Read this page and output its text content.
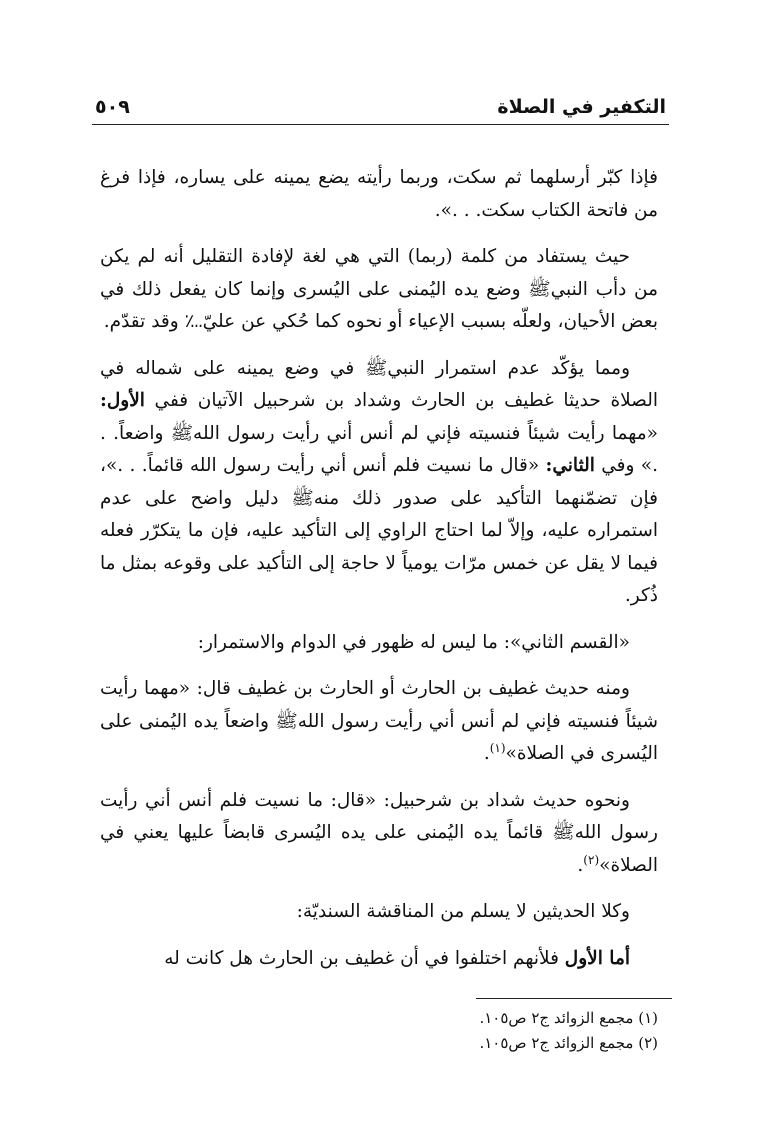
التكفير في الصلاة
٥٠٩

فإذا كبّر أرسلهما ثم سكت، وربما رأيته يضع يمينه على يساره، فإذا فرغ من فاتحة الكتاب سكت. . .».

حيث يستفاد من كلمة (ربما) التي هي لغة لإفادة التقليل أنه لم يكن من دأب النبيﷺ وضع يده اليُمنى على اليُسرى وإنما كان يفعل ذلك في بعض الأحيان، ولعلّه بسبب الإعياء أو نحوه كما حُكي عن عليّ؊ وقد تقدّم.

ومما يؤكّد عدم استمرار النبيﷺ في وضع يمينه على شماله في الصلاة حديثا غطيف بن الحارث وشداد بن شرحبيل الآتيان ففي الأول: «مهما رأيت شيئاً فنسيته فإني لم أنس أني رأيت رسول اللهﷺ واضعاً. . .» وفي الثاني: «قال ما نسيت فلم أنس أني رأيت رسول الله قائماً. . .»، فإن تضمّنهما التأكيد على صدور ذلك منهﷺ دليل واضح على عدم استمراره عليه، وإلاّ لما احتاج الراوي إلى التأكيد عليه، فإن ما يتكرّر فعله فيما لا يقل عن خمس مرّات يومياً لا حاجة إلى التأكيد على وقوعه بمثل ما ذُكر.

«القسم الثاني»: ما ليس له ظهور في الدوام والاستمرار:

ومنه حديث غطيف بن الحارث أو الحارث بن غطيف قال: «مهما رأيت شيئاً فنسيته فإني لم أنس أني رأيت رسول اللهﷺ واضعاً يده اليُمنى على اليُسرى في الصلاة»$^{(١)}$.

ونحوه حديث شداد بن شرحبيل: «قال: ما نسيت فلم أنس أني رأيت رسول اللهﷺ قائماً يده اليُمنى على يده اليُسرى قابضاً عليها يعني في الصلاة»$^{(٢)}$.

وكلا الحديثين لا يسلم من المناقشة السنديّة:

أما الأول فلأنهم اختلفوا في أن غطيف بن الحارث هل كانت له

(١) مجمع الزوائد ج٢ ص١٠٥.
(٢) مجمع الزوائد ج٢ ص١٠٥.
